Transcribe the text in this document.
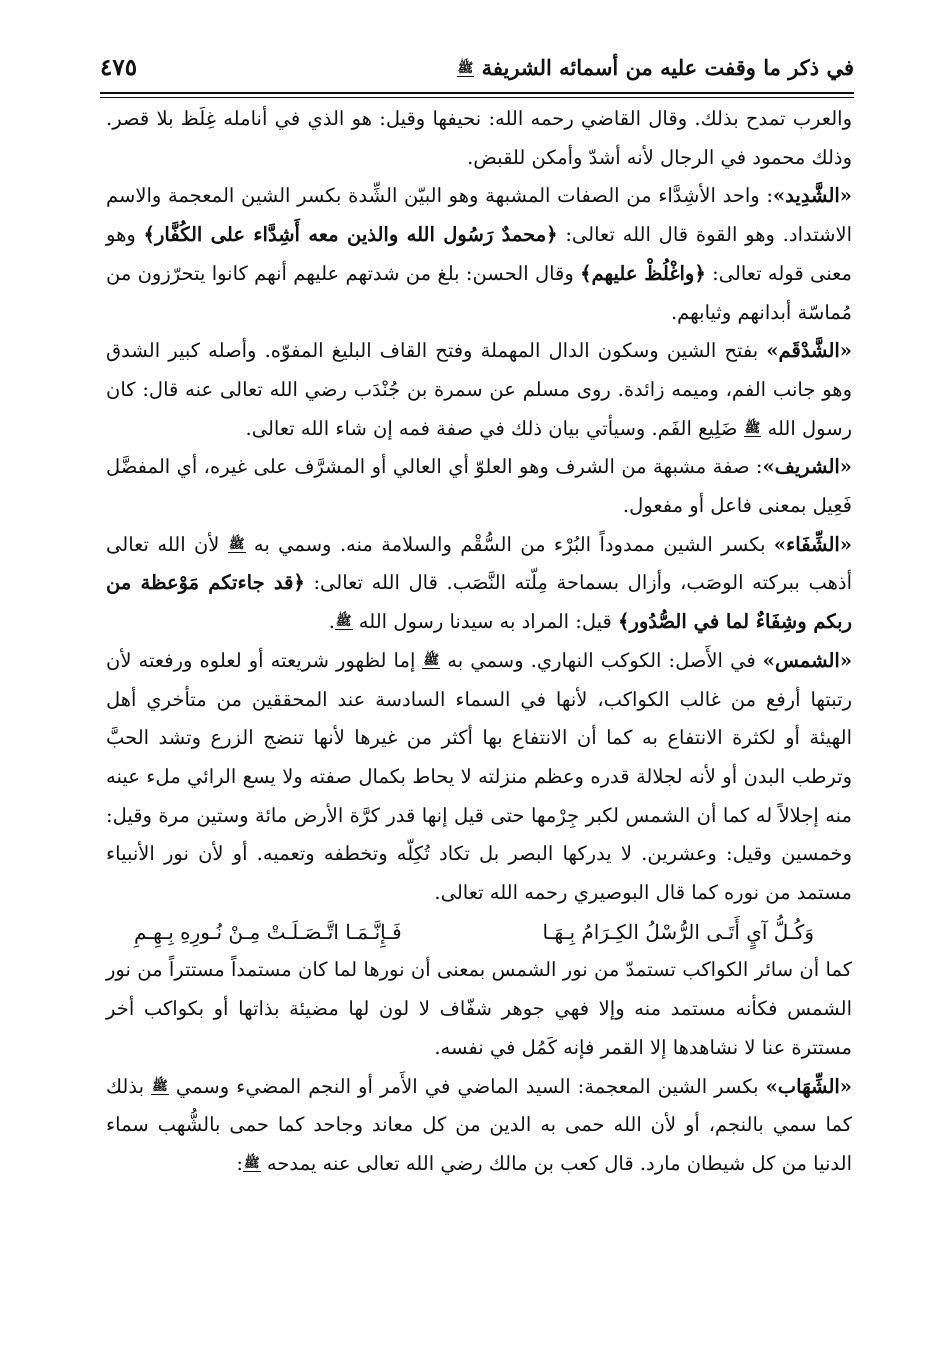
في ذكر ما وقفت عليه من أسمائه الشريفة ﷺ
٤٧٥

والعرب تمدح بذلك. وقال القاضي رحمه الله: نحيفها وقيل: هو الذي في أنامله غِلَظ بلا قصر. وذلك محمود في الرجال لأنه أشدّ وأمكن للقبض.

«الشَّدِيد»: واحد الأشِدَّاء من الصفات المشبهة وهو البيّن الشِّدة بكسر الشين المعجمة والاسم الاشتداد. وهو القوة قال الله تعالى: ﴿محمدٌ رَسُول الله والذين معه أَشِدَّاء على الكُفَّار﴾ وهو معنى قوله تعالى: ﴿واغْلُظْ عليهم﴾ وقال الحسن: بلغ من شدتهم عليهم أنهم كانوا يتحرّزون من مُماسّة أبدانهم وثيابهم.

«الشَّدْقَم» بفتح الشين وسكون الدال المهملة وفتح القاف البليغ المفوّه. وأصله كبير الشدق وهو جانب الفم، وميمه زائدة. روى مسلم عن سمرة بن جُنْدَب رضي الله تعالى عنه قال: كان رسول الله ﷺ ضَلِيع الفَم. وسيأتي بيان ذلك في صفة فمه إن شاء الله تعالى.

«الشريف»: صفة مشبهة من الشرف وهو العلوّ أي العالي أو المشرَّف على غيره، أي المفضَّل فَعِيل بمعنى فاعل أو مفعول.

«الشِّفَاء» بكسر الشين ممدوداً البُرْء من السُّقْم والسلامة منه. وسمي به ﷺ لأن الله تعالى أذهب ببركته الوصَب، وأزال بسماحة مِلّته النَّصَب. قال الله تعالى: ﴿قد جاءتكم مَوْعظة من ربكم وشِفَاءٌ لما في الصُّدُور﴾ قيل: المراد به سيدنا رسول الله ﷺ.

«الشمس» في الأَصل: الكوكب النهاري. وسمي به ﷺ إما لظهور شريعته أو لعلوه ورفعته لأن رتبتها أرفع من غالب الكواكب، لأنها في السماء السادسة عند المحققين من متأخري أهل الهيئة أو لكثرة الانتفاع به كما أن الانتفاع بها أكثر من غيرها لأنها تنضج الزرع وتشد الحبَّ وترطب البدن أو لأنه لجلالة قدره وعظم منزلته لا يحاط بكمال صفته ولا يسع الرائي ملء عينه منه إجلالاً له كما أن الشمس لكبر جِرْمها حتى قيل إنها قدر كرَّة الأرض مائة وستين مرة وقيل: وخمسين وقيل: وعشرين. لا يدركها البصر بل تكاد تُكِلّه وتخطفه وتعميه. أو لأن نور الأنبياء مستمد من نوره كما قال البوصيري رحمه الله تعالى.

وَكُـلُّ آيٍ أَتَـى الرُّسْلُ الكِـرَامُ بِـهَـا
فَـإِنَّـمَـا اتَّـصَـلَـتْ مِـنْ نُـورِهِ بِـهِـمِ

كما أن سائر الكواكب تستمدّ من نور الشمس بمعنى أن نورها لما كان مستمداً مستتراً من نور الشمس فكأنه مستمد منه وإلا فهي جوهر شفّاف لا لون لها مضيئة بذاتها أو بكواكب أخر مستترة عنا لا نشاهدها إلا القمر فإنه كَمُل في نفسه.

«الشِّهَاب» بكسر الشين المعجمة: السيد الماضي في الأَمر أو النجم المضيء وسمي ﷺ بذلك كما سمي بالنجم، أو لأن الله حمى به الدين من كل معاند وجاحد كما حمى بالشُّهب سماء الدنيا من كل شيطان مارد. قال كعب بن مالك رضي الله تعالى عنه يمدحه ﷺ:
